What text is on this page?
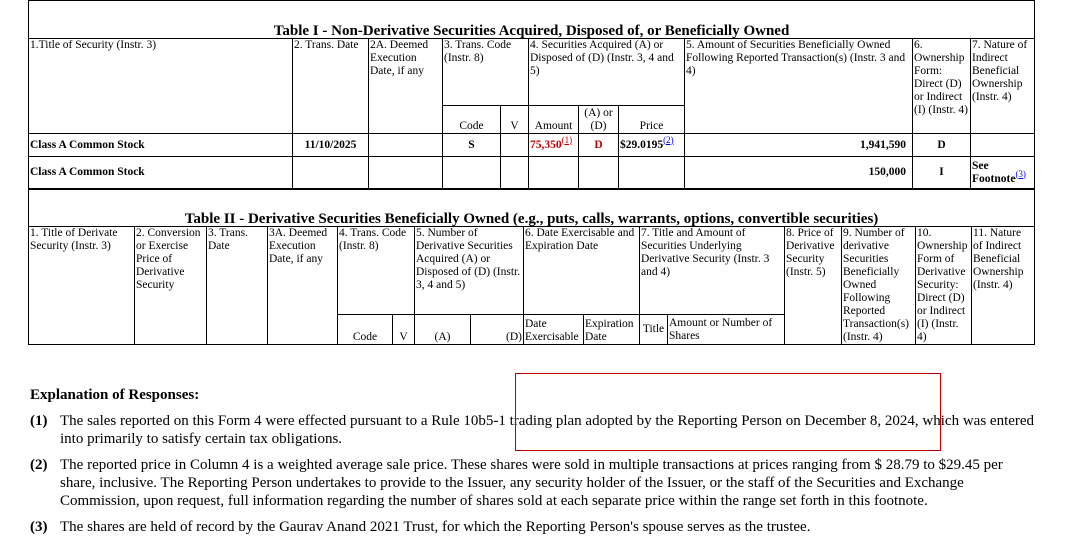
Table I - Non-Derivative Securities Acquired, Disposed of, or Beneficially Owned										
1.Title of Security (Instr. 3)	2. Trans. Date	2A. Deemed Execution Date, if any	3. Trans. Code (Instr. 8)		4. Securities Acquired (A) or Disposed of (D) (Instr. 3, 4 and 5)			5. Amount of Securities Beneficially Owned Following Reported Transaction(s) (Instr. 3 and 4)	6. Ownership Form: Direct (D) or Indirect (I) (Instr. 4)	7. Nature of Indirect Beneficial Ownership (Instr. 4)
			Code	V	Amount	(A) or (D)	Price			
Class A Common Stock	11/10/2025		S		75,350$^{(1)}$	D	$29.0195$^{(2)}$	1,941,590	D	
Class A Common Stock								150,000	I	See Footnote$^{(3)}$
Table II - Derivative Securities Beneficially Owned (e.g., puts, calls, warrants, options, convertible securities)															
1. Title of Derivate Security (Instr. 3)	2. Conversion or Exercise Price of Derivative Security	3. Trans. Date	3A. Deemed Execution Date, if any	4. Trans. Code (Instr. 8)		5. Number of Derivative Securities Acquired (A) or Disposed of (D) (Instr. 3, 4 and 5)		6. Date Exercisable and Expiration Date		7. Title and Amount of Securities Underlying Derivative Security (Instr. 3 and 4)		8. Price of Derivative Security (Instr. 5)	9. Number of derivative Securities Beneficially Owned Following Reported Transaction(s) (Instr. 4)	10. Ownership Form of Derivative Security: Direct (D) or Indirect (I) (Instr. 4)	11. Nature of Indirect Beneficial Ownership (Instr. 4)
				Code	V	(A)	(D)	Date Exercisable	Expiration Date	Title	Amount or Number of Shares				
Explanation of Responses:
(1) The sales reported on this Form 4 were effected pursuant to a Rule 10b5-1 trading plan adopted by the Reporting Person on December 8, 2024, which was entered into primarily to satisfy certain tax obligations.
(2) The reported price in Column 4 is a weighted average sale price. These shares were sold in multiple transactions at prices ranging from $ 28.79 to $29.45 per share, inclusive. The Reporting Person undertakes to provide to the Issuer, any security holder of the Issuer, or the staff of the Securities and Exchange Commission, upon request, full information regarding the number of shares sold at each separate price within the range set forth in this footnote.
(3) The shares are held of record by the Gaurav Anand 2021 Trust, for which the Reporting Person's spouse serves as the trustee.
